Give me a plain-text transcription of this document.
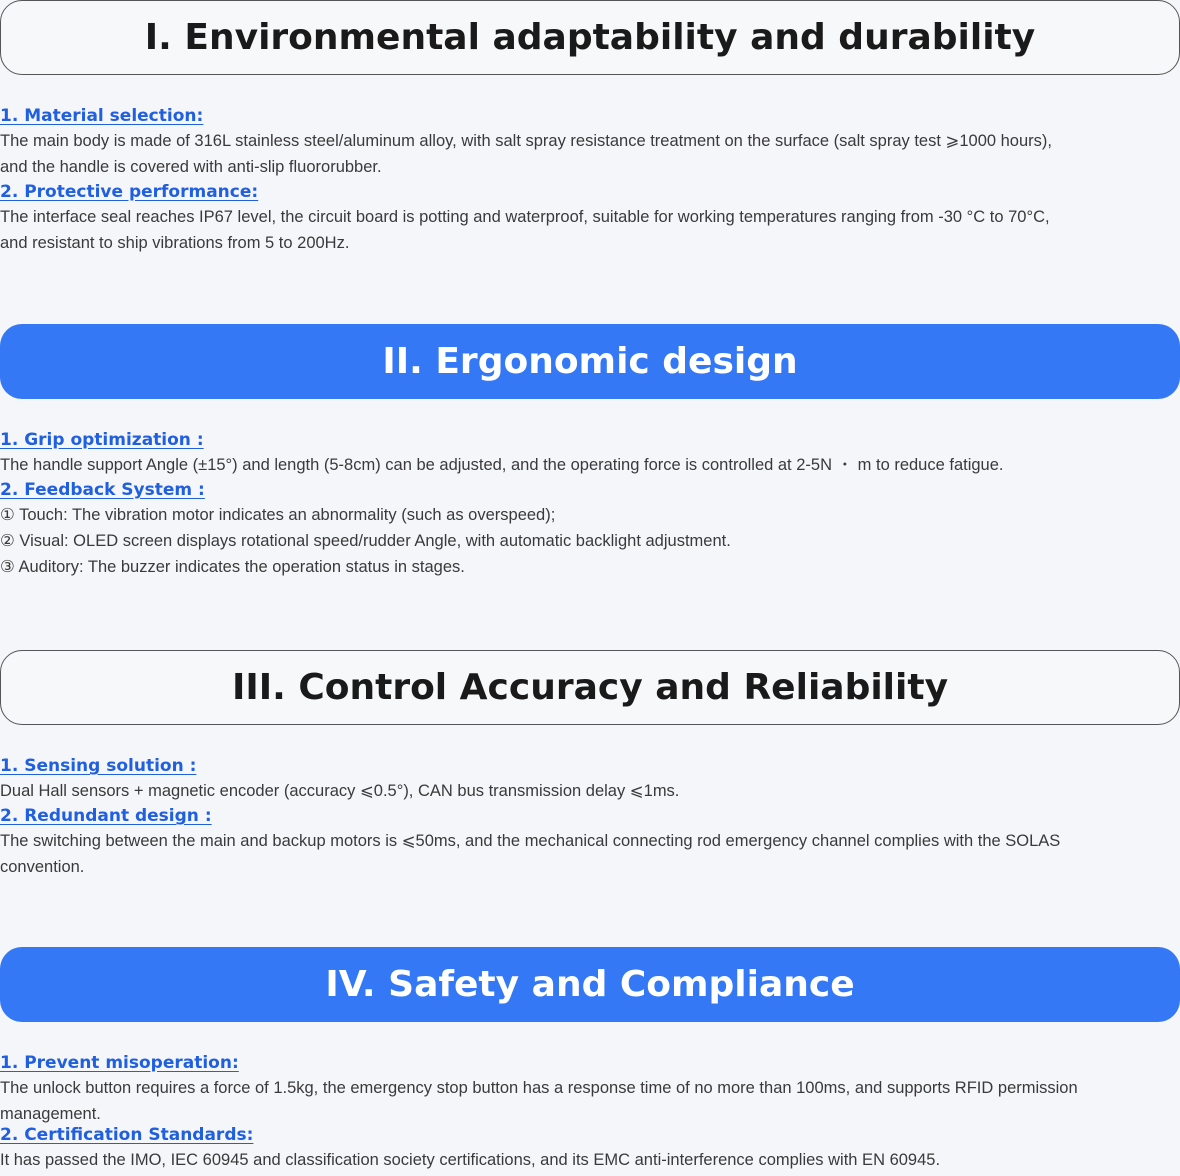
I. Environmental adaptability and durability
1. Material selection:

The main body is made of 316L stainless steel/aluminum alloy, with salt spray resistance treatment on the surface (salt spray test ⩾1000 hours),
and the handle is covered with anti-slip fluororubber.

2. Protective performance:

The interface seal reaches IP67 level, the circuit board is potting and waterproof, suitable for working temperatures ranging from -30 °C to 70°C,
and resistant to ship vibrations from 5 to 200Hz.

II. Ergonomic design
1. Grip optimization :

The handle support Angle (±15°) and length (5-8cm) can be adjusted, and the operating force is controlled at 2-5N ・ m to reduce fatigue.

2. Feedback System :

① Touch: The vibration motor indicates an abnormality (such as overspeed);
② Visual: OLED screen displays rotational speed/rudder Angle, with automatic backlight adjustment.
③ Auditory: The buzzer indicates the operation status in stages.

III. Control Accuracy and Reliability
1. Sensing solution :

Dual Hall sensors + magnetic encoder (accuracy ⩽0.5°), CAN bus transmission delay ⩽1ms.

2. Redundant design :

The switching between the main and backup motors is ⩽50ms, and the mechanical connecting rod emergency channel complies with the SOLAS
convention.

IV. Safety and Compliance
1. Prevent misoperation:

The unlock button requires a force of 1.5kg, the emergency stop button has a response time of no more than 100ms, and supports RFID permission
management.

2. Certification Standards:

It has passed the IMO, IEC 60945 and classification society certifications, and its EMC anti-interference complies with EN 60945.
